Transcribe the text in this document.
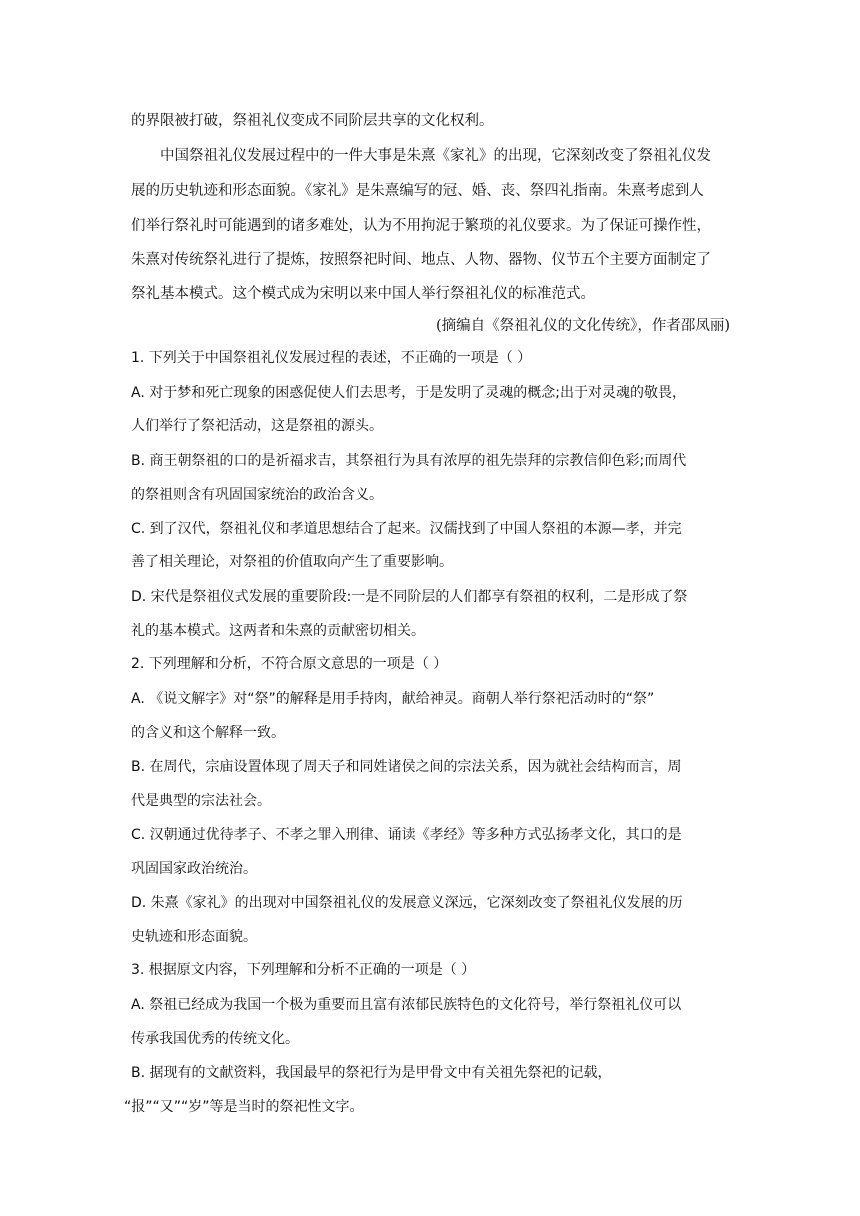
的界限被打破，祭祖礼仪变成不同阶层共享的文化权利。
中国祭祖礼仪发展过程中的一件大事是朱熹《家礼》的出现，它深刻改变了祭祖礼仪发
展的历史轨迹和形态面貌。《家礼》是朱熹编写的冠、婚、丧、祭四礼指南。朱熹考虑到人
们举行祭礼时可能遇到的诸多难处，认为不用拘泥于繁琐的礼仪要求。为了保证可操作性，
朱熹对传统祭礼进行了提炼，按照祭祀时间、地点、人物、器物、仪节五个主要方面制定了
祭礼基本模式。这个模式成为宋明以来中国人举行祭祖礼仪的标准范式。
(摘编自《祭祖礼仪的文化传统》，作者邵凤丽)
1. 下列关于中国祭祖礼仪发展过程的表述，不正确的一项是（ ）
A. 对于梦和死亡现象的困惑促使人们去思考，于是发明了灵魂的概念;出于对灵魂的敬畏，
人们举行了祭祀活动，这是祭祖的源头。
B. 商王朝祭祖的口的是祈福求吉，其祭祖行为具有浓厚的祖先崇拜的宗教信仰色彩;而周代
的祭祖则含有巩固国家统治的政治含义。
C. 到了汉代，祭祖礼仪和孝道思想结合了起来。汉儒找到了中国人祭祖的本源—孝，并完
善了相关理论，对祭祖的价值取向产生了重要影响。
D. 宋代是祭祖仪式发展的重要阶段:一是不同阶层的人们都享有祭祖的权利，二是形成了祭
礼的基本模式。这两者和朱熹的贡献密切相关。
2. 下列理解和分析，不符合原文意思的一项是（ ）
A. 《说文解字》对“祭”的解释是用手持肉，献给神灵。商朝人举行祭祀活动时的“祭”
的含义和这个解释一致。
B. 在周代，宗庙设置体现了周天子和同姓诸侯之间的宗法关系，因为就社会结构而言，周
代是典型的宗法社会。
C. 汉朝通过优待孝子、不孝之罪入刑律、诵读《孝经》等多种方式弘扬孝文化，其口的是
巩固国家政治统治。
D. 朱熹《家礼》的出现对中国祭祖礼仪的发展意义深远，它深刻改变了祭祖礼仪发展的历
史轨迹和形态面貌。
3. 根据原文内容，下列理解和分析不正确的一项是（ ）
A. 祭祖已经成为我国一个极为重要而且富有浓郁民族特色的文化符号，举行祭祖礼仪可以
传承我国优秀的传统文化。
B. 据现有的文献资料，我国最早的祭祀行为是甲骨文中有关祖先祭祀的记载，
“报”“又”“岁”等是当时的祭祀性文字。
